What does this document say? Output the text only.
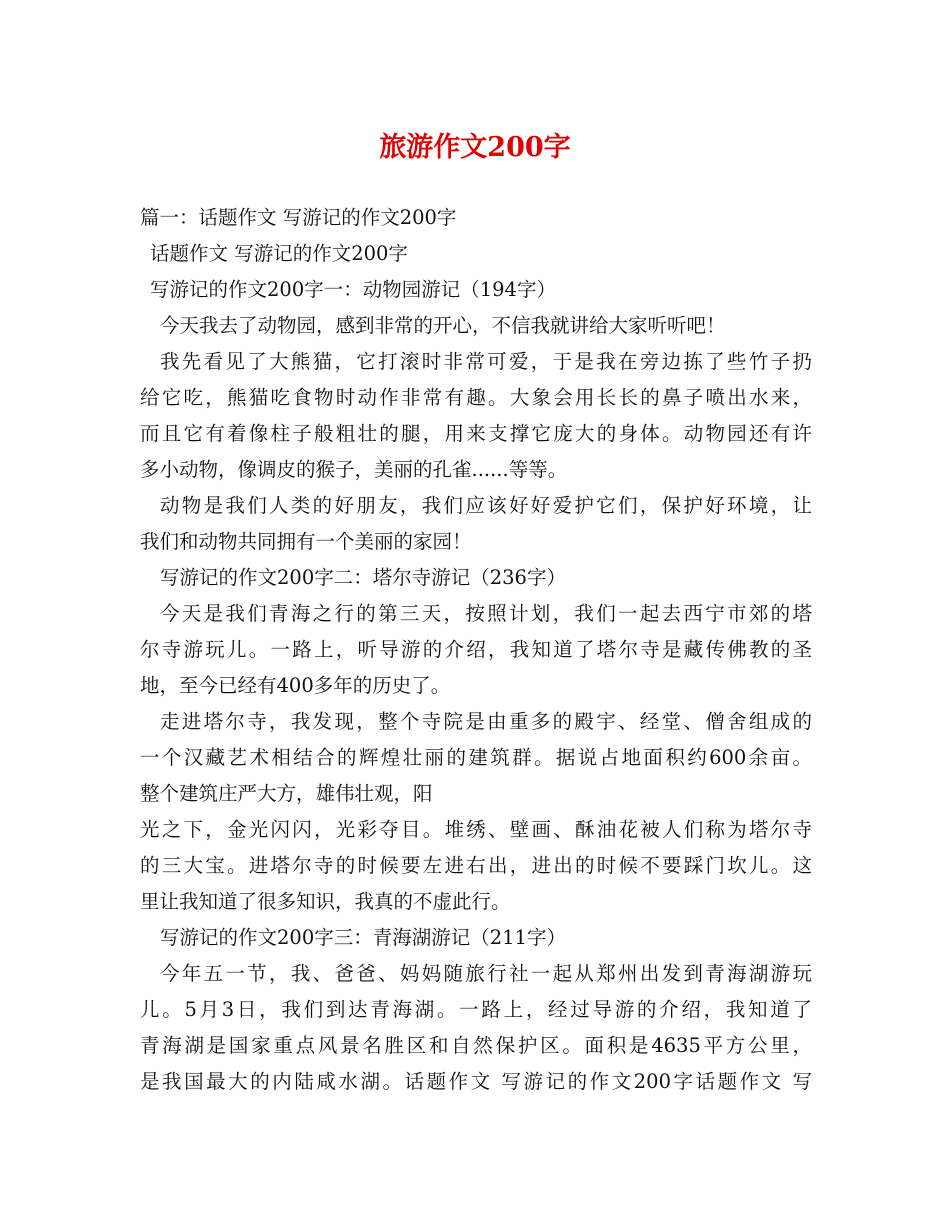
旅游作文200字
篇一：话题作文 写游记的作文200字
话题作文 写游记的作文200字
写游记的作文200字一：动物园游记（194字）
今天我去了动物园，感到非常的开心，不信我就讲给大家听听吧！
我先看见了大熊猫，它打滚时非常可爱，于是我在旁边拣了些竹子扔
给它吃，熊猫吃食物时动作非常有趣。大象会用长长的鼻子喷出水来，
而且它有着像柱子般粗壮的腿，用来支撑它庞大的身体。动物园还有许
多小动物，像调皮的猴子，美丽的孔雀......等等。
动物是我们人类的好朋友，我们应该好好爱护它们，保护好环境，让
我们和动物共同拥有一个美丽的家园！
写游记的作文200字二：塔尔寺游记（236字）
今天是我们青海之行的第三天，按照计划，我们一起去西宁市郊的塔
尔寺游玩儿。一路上，听导游的介绍，我知道了塔尔寺是藏传佛教的圣
地，至今已经有400多年的历史了。
走进塔尔寺，我发现，整个寺院是由重多的殿宇、经堂、僧舍组成的
一个汉藏艺术相结合的辉煌壮丽的建筑群。据说占地面积约600余亩。
整个建筑庄严大方，雄伟壮观，阳
光之下，金光闪闪，光彩夺目。堆绣、壁画、酥油花被人们称为塔尔寺
的三大宝。进塔尔寺的时候要左进右出，进出的时候不要踩门坎儿。这
里让我知道了很多知识，我真的不虚此行。
写游记的作文200字三：青海湖游记（211字）
今年五一节，我、爸爸、妈妈随旅行社一起从郑州出发到青海湖游玩
儿。5月3日，我们到达青海湖。一路上，经过导游的介绍，我知道了
青海湖是国家重点风景名胜区和自然保护区。面积是4635平方公里，
是我国最大的内陆咸水湖。话题作文 写游记的作文200字话题作文 写
